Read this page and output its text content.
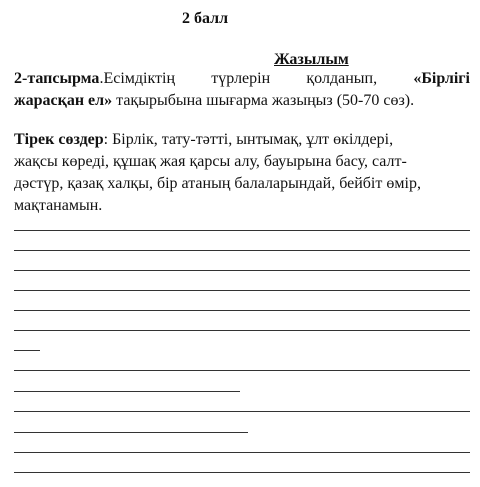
2 балл
Жазылым
2-тапсырма.Есімдіктің түрлерін қолданып, «Бірлігі
жарасқан ел» тақырыбына шығарма жазыңыз (50-70 сөз).
Тірек сөздер: Бірлік, тату-тәтті, ынтымақ, ұлт өкілдері,
жақсы көреді, құшақ жая қарсы алу, бауырына басу, салт-
дәстүр, қазақ халқы, бір атаның балаларындай, бейбіт өмір,
мақтанамын.
